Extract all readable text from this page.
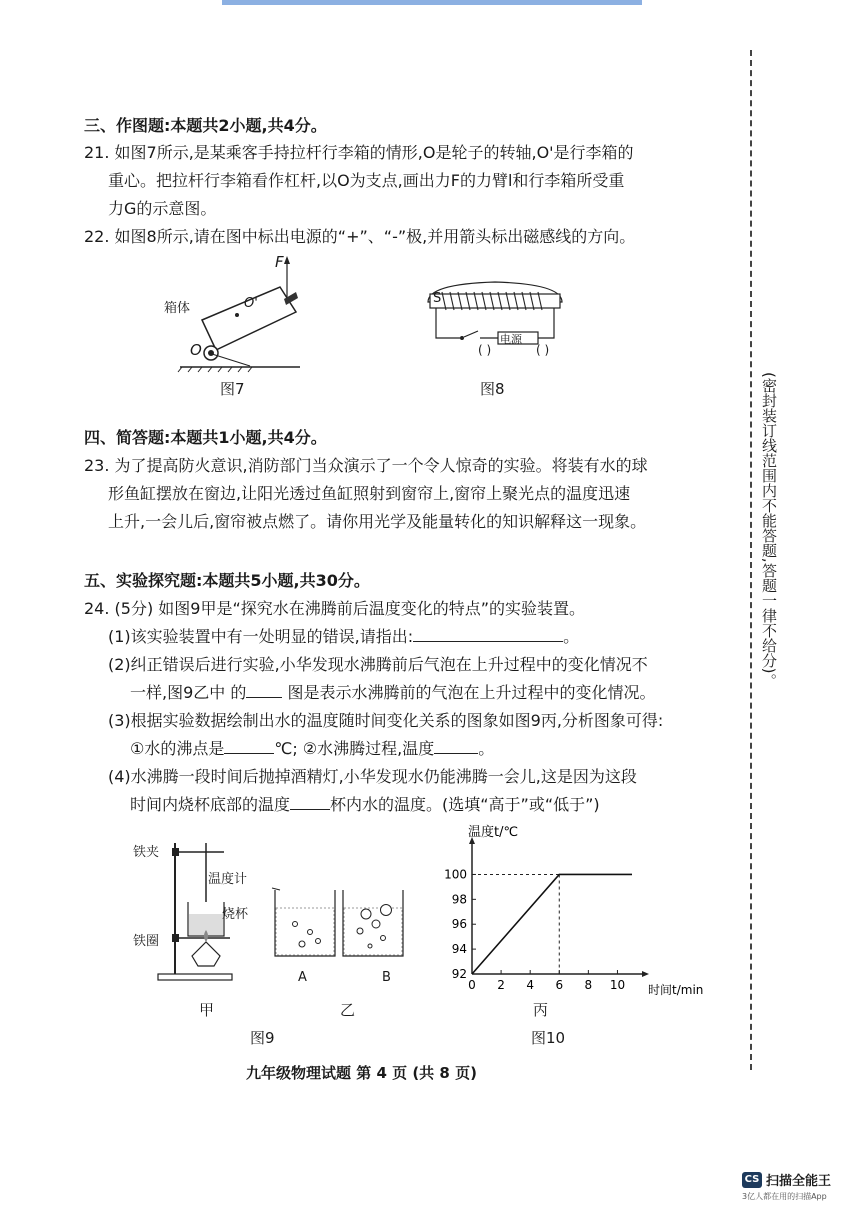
(密封装订线范围内不能答题,答题一律不给分)。
三、作图题:本题共2小题,共4分。
21. 如图7所示,是某乘客手持拉杆行李箱的情形,O是轮子的转轴,O'是行李箱的
重心。把拉杆行李箱看作杠杆,以O为支点,画出力F的力臂l和行李箱所受重
力G的示意图。
22. 如图8所示,请在图中标出电源的“+”、“-”极,并用箭头标出磁感线的方向。
箱体
F
O
O'
图7
S
电源
( )	( )
图8
四、简答题:本题共1小题,共4分。
23. 为了提高防火意识,消防部门当众演示了一个令人惊奇的实验。将装有水的球
形鱼缸摆放在窗边,让阳光透过鱼缸照射到窗帘上,窗帘上聚光点的温度迅速
上升,一会儿后,窗帘被点燃了。请你用光学及能量转化的知识解释这一现象。
五、实验探究题:本题共5小题,共30分。
24. (5分) 如图9甲是“探究水在沸腾前后温度变化的特点”的实验装置。
(1)该实验装置中有一处明显的错误,请指出:	。
(2)纠正错误后进行实验,小华发现水沸腾前后气泡在上升过程中的变化情况不
一样,图9乙中 的 图是表示水沸腾前的气泡在上升过程中的变化情况。
(3)根据实验数据绘制出水的温度随时间变化关系的图象如图9丙,分析图象可得:
①水的沸点是	℃; ②水沸腾过程,温度	。
(4)水沸腾一段时间后抛掉酒精灯,小华发现水仍能沸腾一会儿,这是因为这段
时间内烧杯底部的温度	杯内水的温度。(选填“高于”或“低于”)
铁夹
温度计
烧杯
铁圈
A	B
甲	乙
图9
0 2 4 6 8 10
92
94
96
98
100
温度t/℃
时间t/min
丙
图10
九年级物理试题 第 4 页 (共 8 页)
CS 扫描全能王
3亿人都在用的扫描App
